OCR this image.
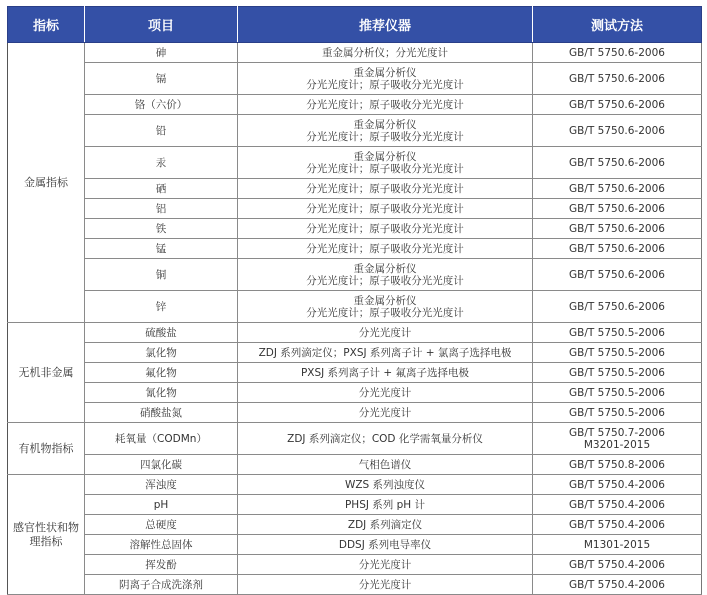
指标	项目	推荐仪器	测试方法
金属指标	砷	重金属分析仪；分光光度计	GB/T 5750.6-2006

	镉	重金属分析仪
分光光度计；原子吸收分光光度计	GB/T 5750.6-2006

	铬（六价）	分光光度计；原子吸收分光光度计	GB/T 5750.6-2006

	铅	重金属分析仪
分光光度计；原子吸收分光光度计	GB/T 5750.6-2006

	汞	重金属分析仪
分光光度计；原子吸收分光光度计	GB/T 5750.6-2006

	硒	分光光度计；原子吸收分光光度计	GB/T 5750.6-2006

	铝	分光光度计；原子吸收分光光度计	GB/T 5750.6-2006

	铁	分光光度计；原子吸收分光光度计	GB/T 5750.6-2006

	锰	分光光度计；原子吸收分光光度计	GB/T 5750.6-2006

	铜	重金属分析仪
分光光度计；原子吸收分光光度计	GB/T 5750.6-2006

	锌	重金属分析仪
分光光度计；原子吸收分光光度计	GB/T 5750.6-2006

无机非金属	硫酸盐	分光光度计	GB/T 5750.5-2006

	氯化物	ZDJ 系列滴定仪；PXSJ 系列离子计 + 氯离子选择电极	GB/T 5750.5-2006

	氟化物	PXSJ 系列离子计 + 氟离子选择电极	GB/T 5750.5-2006

	氰化物	分光光度计	GB/T 5750.5-2006

	硝酸盐氮	分光光度计	GB/T 5750.5-2006

有机物指标	耗氧量（CODMn）	ZDJ 系列滴定仪；COD 化学需氧量分析仪	GB/T 5750.7-2006
M3201-2015

	四氯化碳	气相色谱仪	GB/T 5750.8-2006

感官性状和物理指标	浑浊度	WZS 系列浊度仪	GB/T 5750.4-2006

	pH	PHSJ 系列 pH 计	GB/T 5750.4-2006

	总硬度	ZDJ 系列滴定仪	GB/T 5750.4-2006

	溶解性总固体	DDSJ 系列电导率仪	M1301-2015

	挥发酚	分光光度计	GB/T 5750.4-2006

	阴离子合成洗涤剂	分光光度计	GB/T 5750.4-2006
